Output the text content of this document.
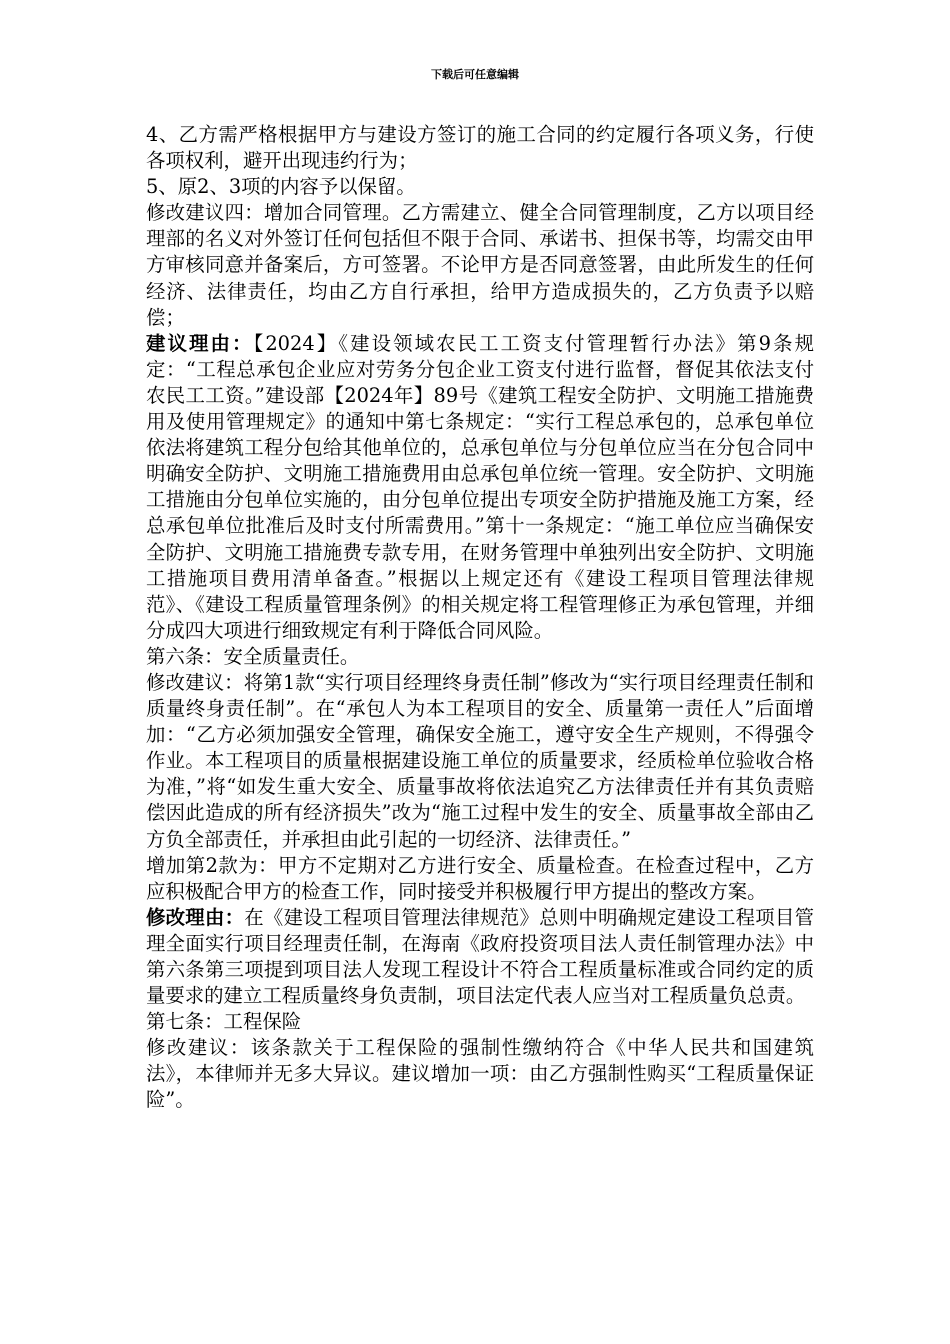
下载后可任意编辑

4、乙方需严格根据甲方与建设方签订的施工合同的约定履行各项义务，行使各项权利，避开出现违约行为；

5、原2、3项的内容予以保留。

修改建议四：增加合同管理。乙方需建立、健全合同管理制度，乙方以项目经理部的名义对外签订任何包括但不限于合同、承诺书、担保书等，均需交由甲方审核同意并备案后，方可签署。不论甲方是否同意签署，由此所发生的任何经济、法律责任，均由乙方自行承担，给甲方造成损失的，乙方负责予以赔偿；

建议理由：【2024】《建设领域农民工工资支付管理暂行办法》第9条规定：“工程总承包企业应对劳务分包企业工资支付进行监督，督促其依法支付农民工工资。”建设部【2024年】89号《建筑工程安全防护、文明施工措施费用及使用管理规定》的通知中第七条规定：“实行工程总承包的，总承包单位依法将建筑工程分包给其他单位的，总承包单位与分包单位应当在分包合同中明确安全防护、文明施工措施费用由总承包单位统一管理。安全防护、文明施工措施由分包单位实施的，由分包单位提出专项安全防护措施及施工方案，经总承包单位批准后及时支付所需费用。”第十一条规定：“施工单位应当确保安全防护、文明施工措施费专款专用，在财务管理中单独列出安全防护、文明施工措施项目费用清单备查。”根据以上规定还有《建设工程项目管理法律规范》、《建设工程质量管理条例》的相关规定将工程管理修正为承包管理，并细分成四大项进行细致规定有利于降低合同风险。

第六条：安全质量责任。

修改建议：将第1款“实行项目经理终身责任制”修改为“实行项目经理责任制和质量终身责任制”。在“承包人为本工程项目的安全、质量第一责任人”后面增加：“乙方必须加强安全管理，确保安全施工，遵守安全生产规则，不得强令作业。本工程项目的质量根据建设施工单位的质量要求，经质检单位验收合格为准，”将“如发生重大安全、质量事故将依法追究乙方法律责任并有其负责赔偿因此造成的所有经济损失”改为“施工过程中发生的安全、质量事故全部由乙方负全部责任，并承担由此引起的一切经济、法律责任。”

增加第2款为：甲方不定期对乙方进行安全、质量检查。在检查过程中，乙方应积极配合甲方的检查工作，同时接受并积极履行甲方提出的整改方案。

修改理由：在《建设工程项目管理法律规范》总则中明确规定建设工程项目管理全面实行项目经理责任制，在海南《政府投资项目法人责任制管理办法》中第六条第三项提到项目法人发现工程设计不符合工程质量标准或合同约定的质量要求的建立工程质量终身负责制，项目法定代表人应当对工程质量负总责。

第七条：工程保险

修改建议：该条款关于工程保险的强制性缴纳符合《中华人民共和国建筑法》，本律师并无多大异议。建议增加一项：由乙方强制性购买“工程质量保证险”。
